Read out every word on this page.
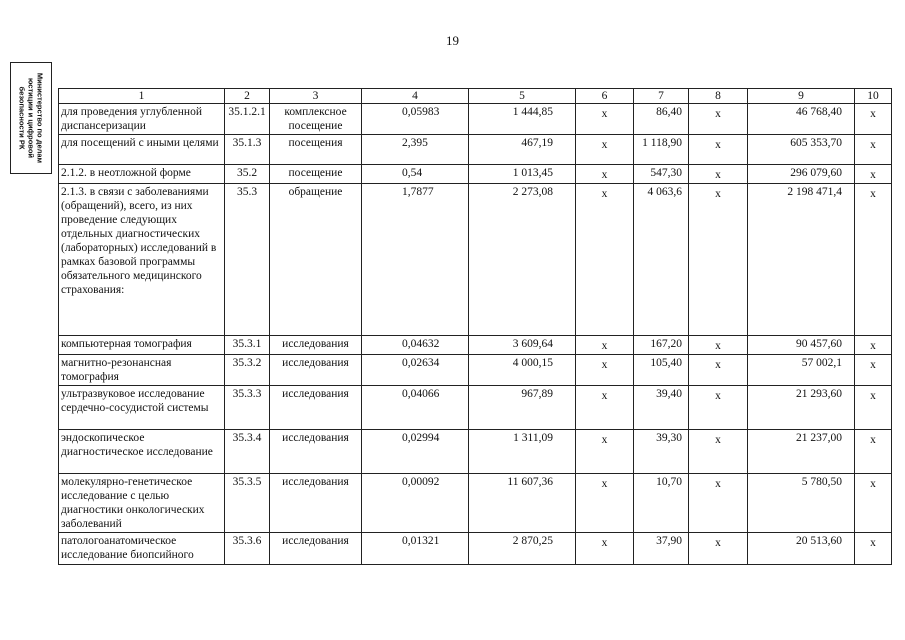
19
Министерство по делам
юстиции и цифровой
безопасности РК	1	2	3	4	5	6	7	8	9	10
для проведения углубленной диспансеризации	35.1.2.1	комплексное посещение	0,05983	1 444,85	x	86,40	x	46 768,40	x
для посещений с иными целями	35.1.3	посещения	2,395	467,19	x	1 118,90	x	605 353,70	x
2.1.2. в неотложной форме	35.2	посещение	0,54	1 013,45	x	547,30	x	296 079,60	x
2.1.3. в связи с заболеваниями (обращений), всего, из них проведение следующих отдельных диагностических (лабораторных) исследований в рамках базовой программы обязательного медицинского страхования:	35.3	обращение	1,7877	2 273,08	x	4 063,6	x	2 198 471,4	x
компьютерная томография	35.3.1	исследования	0,04632	3 609,64	x	167,20	x	90 457,60	x
магнитно-резонансная томография	35.3.2	исследования	0,02634	4 000,15	x	105,40	x	57 002,1	x
ультразвуковое исследование сердечно-сосудистой системы	35.3.3	исследования	0,04066	967,89	x	39,40	x	21 293,60	x
эндоскопическое диагностическое исследование	35.3.4	исследования	0,02994	1 311,09	x	39,30	x	21 237,00	x
молекулярно-генетическое исследование с целью диагностики онкологических заболеваний	35.3.5	исследования	0,00092	11 607,36	x	10,70	x	5 780,50	x
патологоанатомическое исследование биопсийного	35.3.6	исследования	0,01321	2 870,25	x	37,90	x	20 513,60	x
